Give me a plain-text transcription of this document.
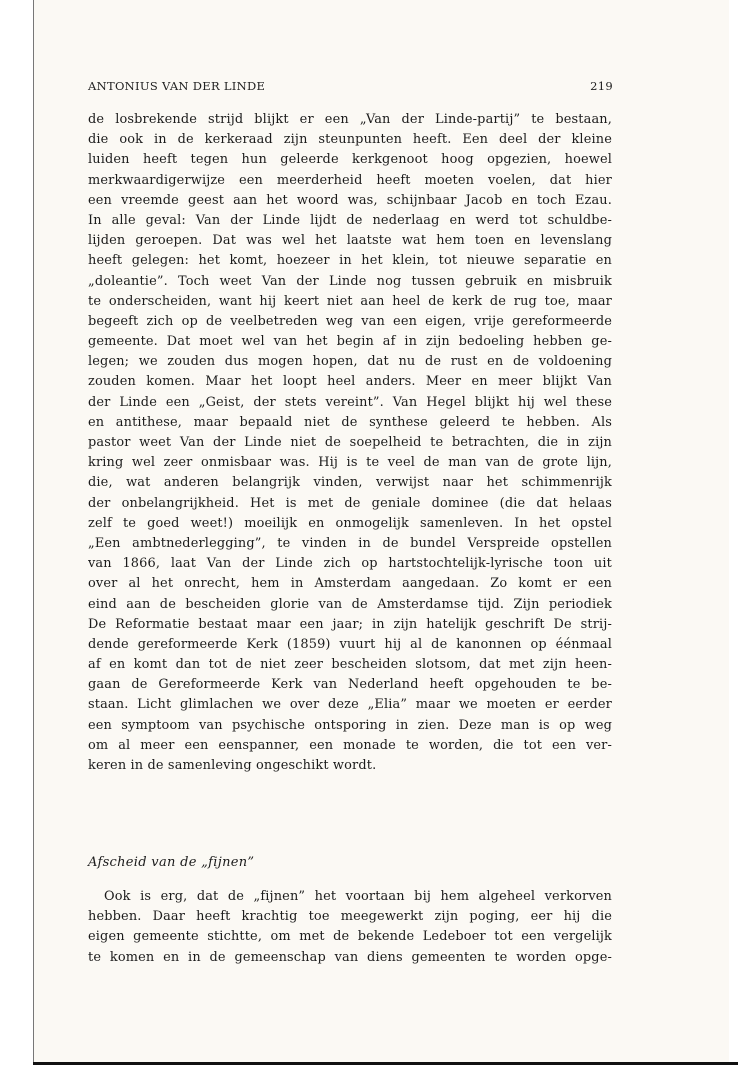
ANTONIUS VAN DER LINDE	219

de losbrekende strijd blijkt er een „Van der Linde-partij” te bestaan,
die ook in de kerkeraad zijn steunpunten heeft. Een deel der kleine
luiden heeft tegen hun geleerde kerkgenoot hoog opgezien, hoewel
merkwaardigerwijze een meerderheid heeft moeten voelen, dat hier
een vreemde geest aan het woord was, schijnbaar Jacob en toch Ezau.
In alle geval: Van der Linde lijdt de nederlaag en werd tot schuldbe-
lijden geroepen. Dat was wel het laatste wat hem toen en levenslang
heeft gelegen: het komt, hoezeer in het klein, tot nieuwe separatie en
„doleantie”. Toch weet Van der Linde nog tussen gebruik en misbruik
te onderscheiden, want hij keert niet aan heel de kerk de rug toe, maar
begeeft zich op de veelbetreden weg van een eigen, vrije gereformeerde
gemeente. Dat moet wel van het begin af in zijn bedoeling hebben ge-
legen; we zouden dus mogen hopen, dat nu de rust en de voldoening
zouden komen. Maar het loopt heel anders. Meer en meer blijkt Van
der Linde een „Geist, der stets vereint”. Van Hegel blijkt hij wel these
en antithese, maar bepaald niet de synthese geleerd te hebben. Als
pastor weet Van der Linde niet de soepelheid te betrachten, die in zijn
kring wel zeer onmisbaar was. Hij is te veel de man van de grote lijn,
die, wat anderen belangrijk vinden, verwijst naar het schimmenrijk
der onbelangrijkheid. Het is met de geniale dominee (die dat helaas
zelf te goed weet!) moeilijk en onmogelijk samenleven. In het opstel
„Een ambtnederlegging”, te vinden in de bundel Verspreide opstellen
van 1866, laat Van der Linde zich op hartstochtelijk-lyrische toon uit
over al het onrecht, hem in Amsterdam aangedaan. Zo komt er een
eind aan de bescheiden glorie van de Amsterdamse tijd. Zijn periodiek
De Reformatie bestaat maar een jaar; in zijn hatelijk geschrift De strij-
dende gereformeerde Kerk (1859) vuurt hij al de kanonnen op éénmaal
af en komt dan tot de niet zeer bescheiden slotsom, dat met zijn heen-
gaan de Gereformeerde Kerk van Nederland heeft opgehouden te be-
staan. Licht glimlachen we over deze „Elia” maar we moeten er eerder
een symptoom van psychische ontsporing in zien. Deze man is op weg
om al meer een eenspanner, een monade te worden, die tot een ver-
keren in de samenleving ongeschikt wordt.

Afscheid van de „fijnen”

Ook is erg, dat de „fijnen” het voortaan bij hem algeheel verkorven
hebben. Daar heeft krachtig toe meegewerkt zijn poging, eer hij die
eigen gemeente stichtte, om met de bekende Ledeboer tot een vergelijk
te komen en in de gemeenschap van diens gemeenten te worden opge-
